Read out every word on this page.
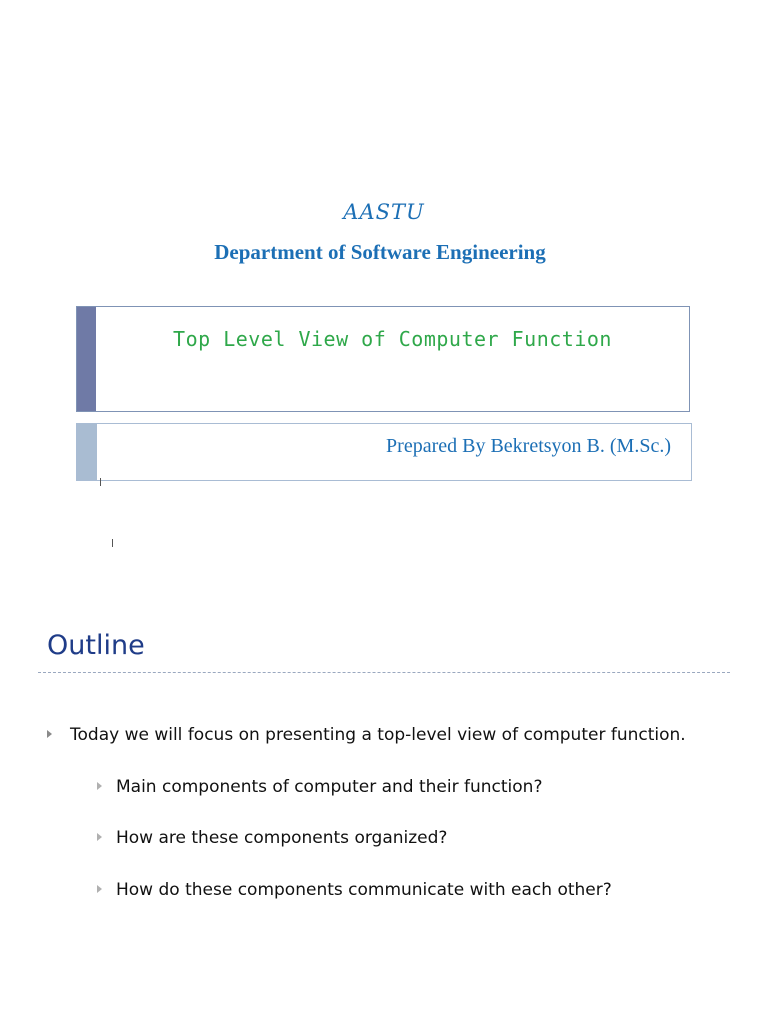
AASTU
Department of Software Engineering
Top Level View of Computer Function
Prepared By Bekretsyon B. (M.Sc.)
Outline
Today we will focus on presenting a top-level view of computer function.
Main components of computer and their function?
How are these components organized?
How do these components communicate with each other?
